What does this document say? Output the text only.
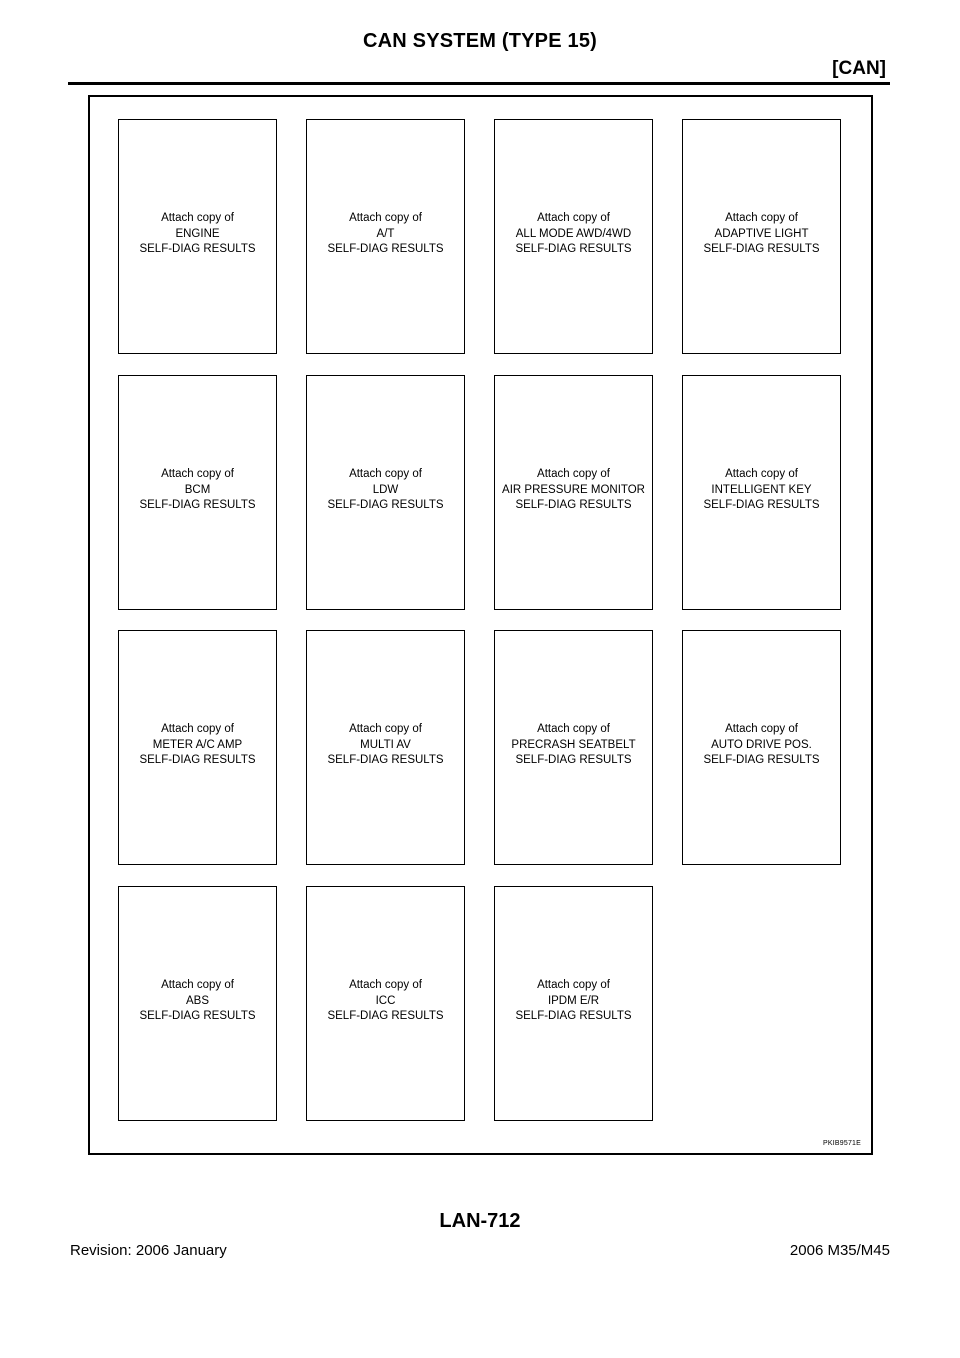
CAN SYSTEM (TYPE 15)
[CAN]
PKIB9571E
Attach copy of
ENGINE
SELF-DIAG RESULTS
Attach copy of
A/T
SELF-DIAG RESULTS
Attach copy of
ALL MODE AWD/4WD
SELF-DIAG RESULTS
Attach copy of
ADAPTIVE LIGHT
SELF-DIAG RESULTS
Attach copy of
BCM
SELF-DIAG RESULTS
Attach copy of
LDW
SELF-DIAG RESULTS
Attach copy of
AIR PRESSURE MONITOR
SELF-DIAG RESULTS
Attach copy of
INTELLIGENT KEY
SELF-DIAG RESULTS
Attach copy of
METER A/C AMP
SELF-DIAG RESULTS
Attach copy of
MULTI AV
SELF-DIAG RESULTS
Attach copy of
PRECRASH SEATBELT
SELF-DIAG RESULTS
Attach copy of
AUTO DRIVE POS.
SELF-DIAG RESULTS
Attach copy of
ABS
SELF-DIAG RESULTS
Attach copy of
ICC
SELF-DIAG RESULTS
Attach copy of
IPDM E/R
SELF-DIAG RESULTS
LAN-712
Revision: 2006 January	2006 M35/M45
